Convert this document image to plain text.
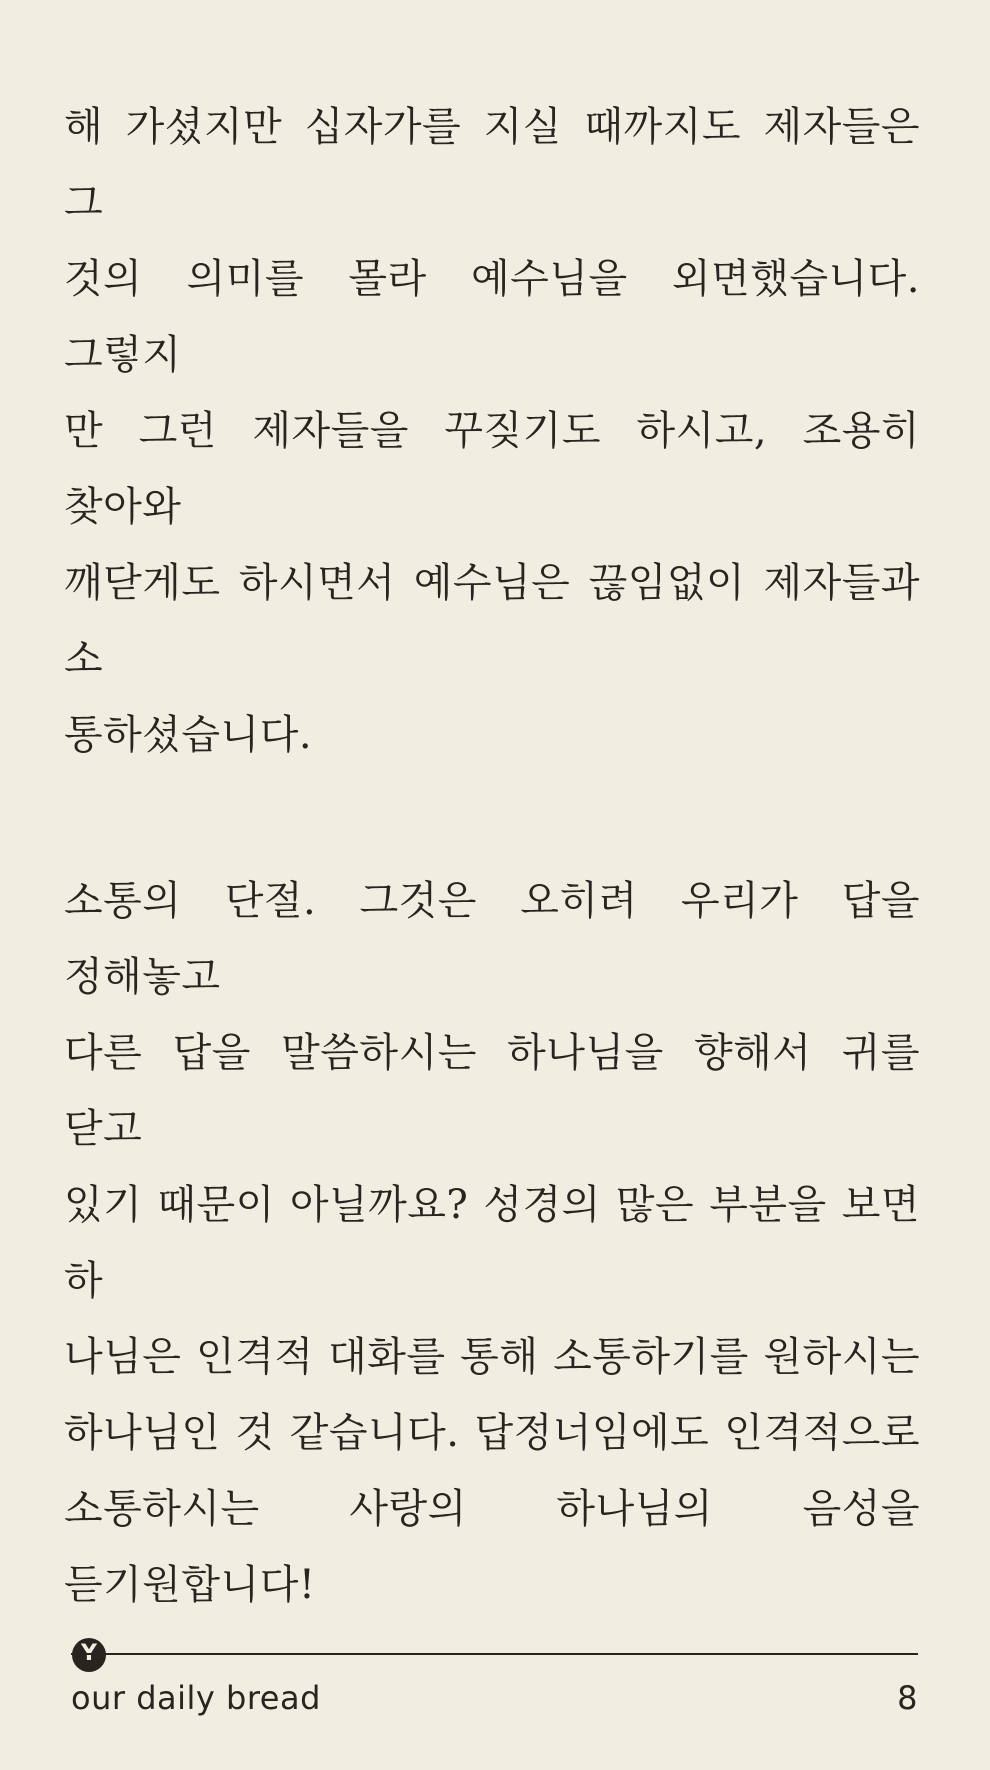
해 가셨지만 십자가를 지실 때까지도 제자들은 그
것의 의미를 몰라 예수님을 외면했습니다. 그렇지
만 그런 제자들을 꾸짖기도 하시고, 조용히 찾아와
깨닫게도 하시면서 예수님은 끊임없이 제자들과 소
통하셨습니다.
소통의 단절. 그것은 오히려 우리가 답을 정해놓고
다른 답을 말씀하시는 하나님을 향해서 귀를 닫고
있기 때문이 아닐까요? 성경의 많은 부분을 보면 하
나님은 인격적 대화를 통해 소통하기를 원하시는
하나님인 것 같습니다. 답정너임에도 인격적으로
소통하시는 사랑의 하나님의 음성을 듣기원합니다!
Y
our daily bread	8
